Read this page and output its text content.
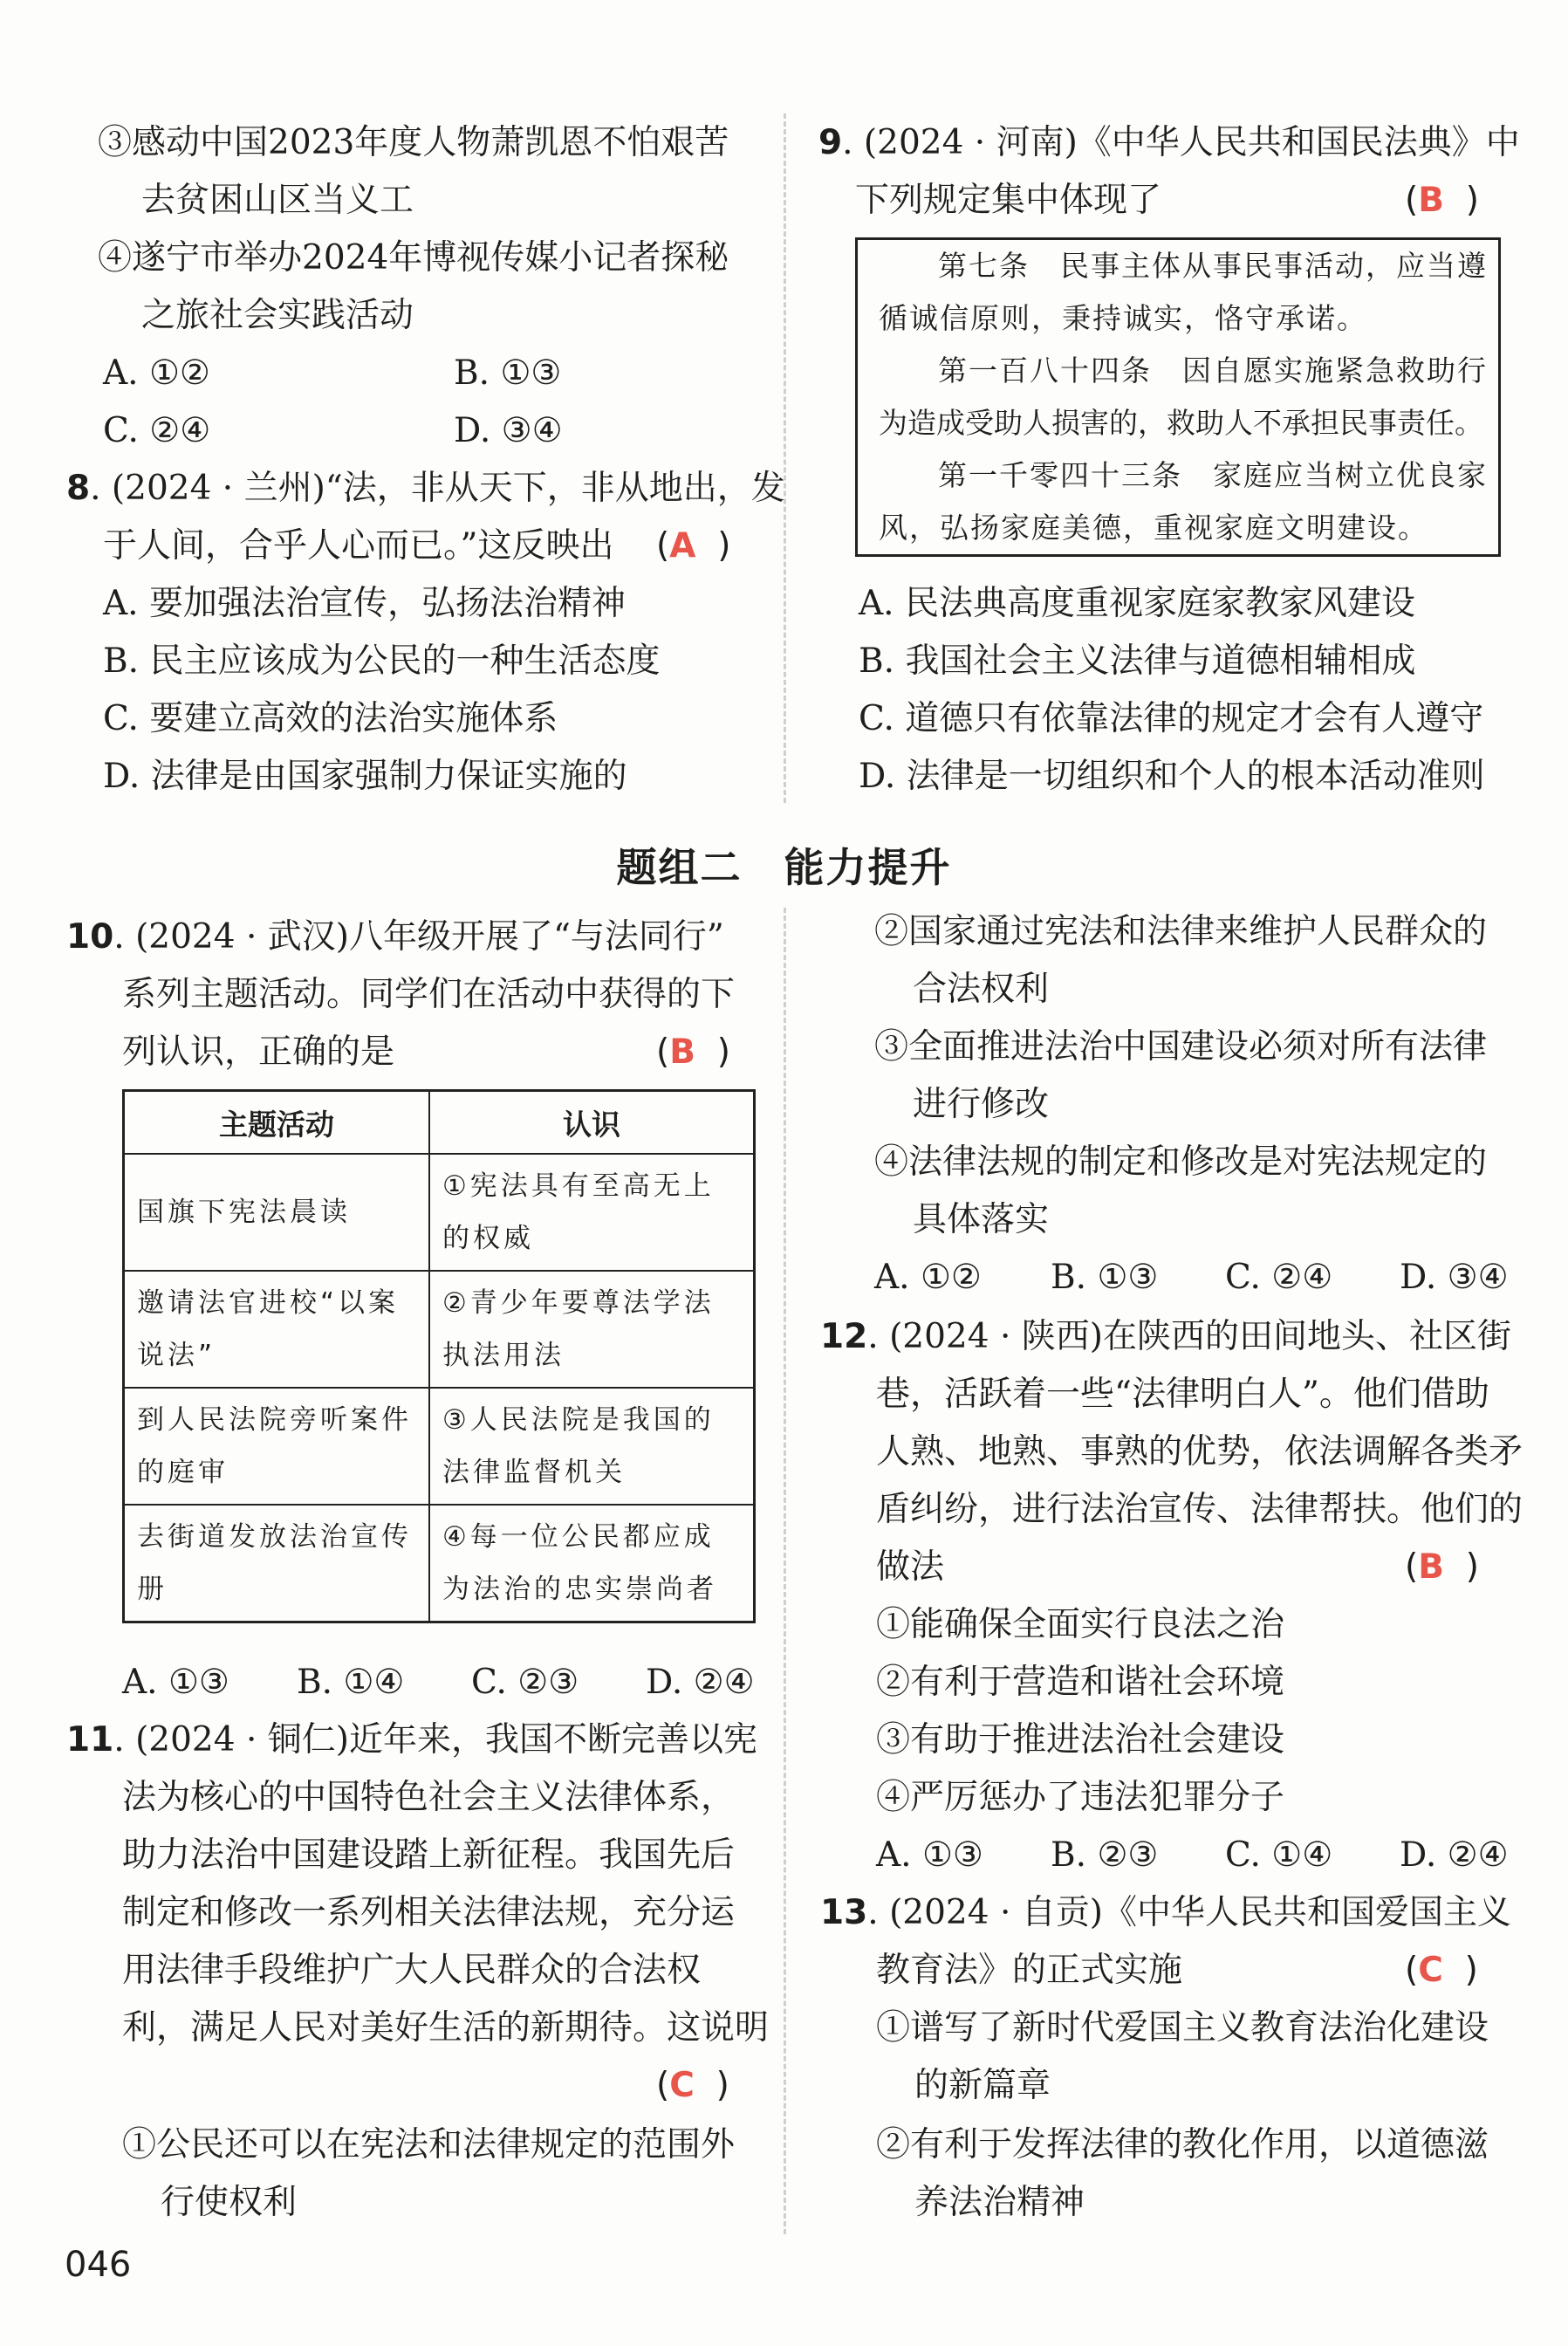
③感动中国2023年度人物萧凯恩不怕艰苦
去贫困山区当义工
④遂宁市举办2024年博视传媒小记者探秘
之旅社会实践活动
A. ①②	B. ①③
C. ②④	D. ③④
8. (2024 · 兰州)“法，非从天下，非从地出，发
于人间，合乎人心而已。”这反映出 (A  )
A. 要加强法治宣传，弘扬法治精神
B. 民主应该成为公民的一种生活态度
C. 要建立高效的法治实施体系
D. 法律是由国家强制力保证实施的
9. (2024 · 河南)《中华人民共和国民法典》中
下列规定集中体现了	(B  )
第七条　民事主体从事民事活动，应当遵
循诚信原则，秉持诚实，恪守承诺。
第一百八十四条　因自愿实施紧急救助行
为造成受助人损害的，救助人不承担民事责任。
第一千零四十三条　家庭应当树立优良家
风，弘扬家庭美德，重视家庭文明建设。
A. 民法典高度重视家庭家教家风建设
B. 我国社会主义法律与道德相辅相成
C. 道德只有依靠法律的规定才会有人遵守
D. 法律是一切组织和个人的根本活动准则
题组二　能力提升
10. (2024 · 武汉)八年级开展了“与法同行”
系列主题活动。同学们在活动中获得的下
列认识，正确的是	(B  )
主题活动	认识
国旗下宪法晨读	①宪法具有至高无上的权威
邀请法官进校“以案说法”	②青少年要尊法学法执法用法
到人民法院旁听案件的庭审	③人民法院是我国的法律监督机关
去街道发放法治宣传册	④每一位公民都应成为法治的忠实崇尚者
A. ①③ B. ①④ C. ②③ D. ②④
11. (2024 · 铜仁)近年来，我国不断完善以宪
法为核心的中国特色社会主义法律体系，
助力法治中国建设踏上新征程。我国先后
制定和修改一系列相关法律法规，充分运
用法律手段维护广大人民群众的合法权
利，满足人民对美好生活的新期待。这说明
(C  )
①公民还可以在宪法和法律规定的范围外
行使权利
②国家通过宪法和法律来维护人民群众的
合法权利
③全面推进法治中国建设必须对所有法律
进行修改
④法律法规的制定和修改是对宪法规定的
具体落实
A. ①② B. ①③ C. ②④ D. ③④
12. (2024 · 陕西)在陕西的田间地头、社区街
巷，活跃着一些“法律明白人”。他们借助
人熟、地熟、事熟的优势，依法调解各类矛
盾纠纷，进行法治宣传、法律帮扶。他们的
做法	(B  )
①能确保全面实行良法之治
②有利于营造和谐社会环境
③有助于推进法治社会建设
④严厉惩办了违法犯罪分子
A. ①③ B. ②③ C. ①④ D. ②④
13. (2024 · 自贡)《中华人民共和国爱国主义
教育法》的正式实施	(C  )
①谱写了新时代爱国主义教育法治化建设
的新篇章
②有利于发挥法律的教化作用，以道德滋
养法治精神
046
